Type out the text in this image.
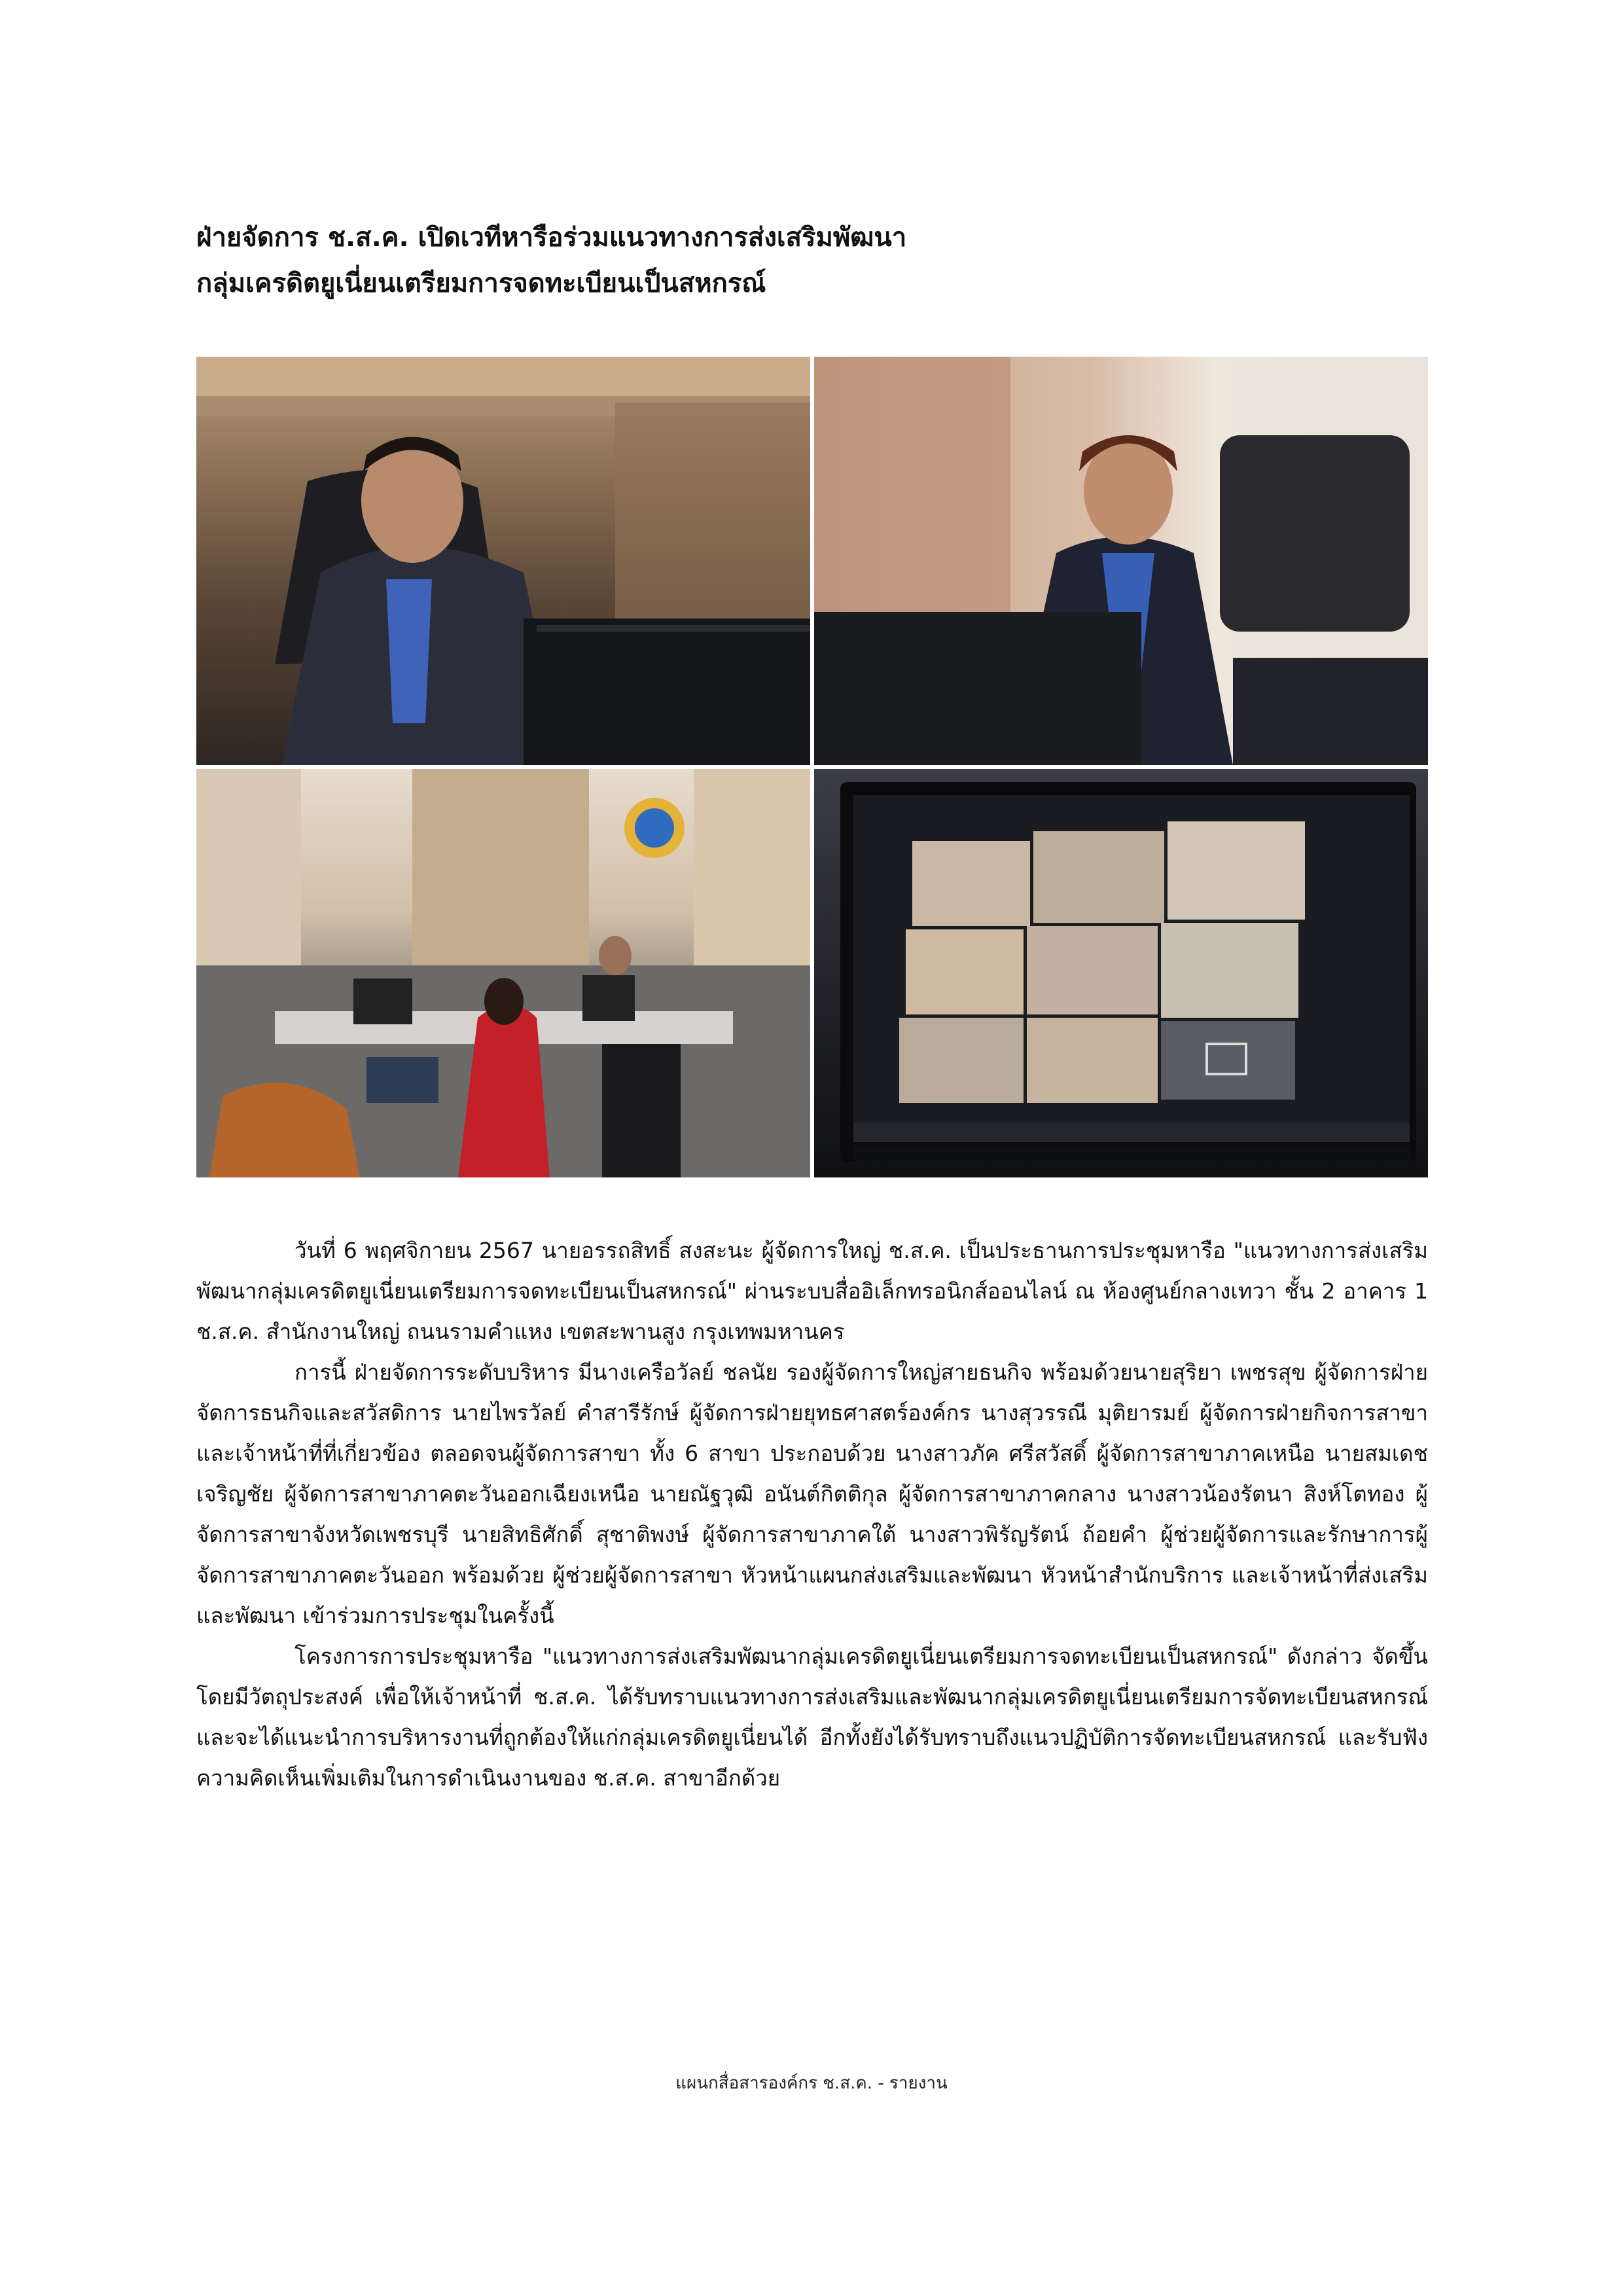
ฝ่ายจัดการ ช.ส.ค. เปิดเวทีหารือร่วมแนวทางการส่งเสริมพัฒนา
กลุ่มเครดิตยูเนี่ยนเตรียมการจดทะเบียนเป็นสหกรณ์

วันที่ 6 พฤศจิกายน 2567 นายอรรถสิทธิ์ สงสะนะ ผู้จัดการใหญ่ ช.ส.ค. เป็นประธานการประชุมหารือ "แนวทางการส่งเสริมพัฒนากลุ่มเครดิตยูเนี่ยนเตรียมการจดทะเบียนเป็นสหกรณ์" ผ่านระบบสื่ออิเล็กทรอนิกส์ออนไลน์ ณ ห้องศูนย์กลางเทวา ชั้น 2 อาคาร 1 ช.ส.ค. สำนักงานใหญ่ ถนนรามคำแหง เขตสะพานสูง กรุงเทพมหานคร

การนี้ ฝ่ายจัดการระดับบริหาร มีนางเครือวัลย์ ชลนัย รองผู้จัดการใหญ่สายธนกิจ พร้อมด้วยนายสุริยา เพชรสุข ผู้จัดการฝ่ายจัดการธนกิจและสวัสดิการ นายไพรวัลย์ คำสารีรักษ์ ผู้จัดการฝ่ายยุทธศาสตร์องค์กร นางสุวรรณี มุติยารมย์ ผู้จัดการฝ่ายกิจการสาขา และเจ้าหน้าที่ที่เกี่ยวข้อง ตลอดจนผู้จัดการสาขา ทั้ง 6 สาขา ประกอบด้วย นางสาวภัค ศรีสวัสดิ์ ผู้จัดการสาขาภาคเหนือ นายสมเดช เจริญชัย ผู้จัดการสาขาภาคตะวันออกเฉียงเหนือ นายณัฐวุฒิ อนันต์กิตติกุล ผู้จัดการสาขาภาคกลาง นางสาวน้องรัตนา สิงห์โตทอง ผู้จัดการสาขาจังหวัดเพชรบุรี นายสิทธิศักดิ์ สุชาติพงษ์ ผู้จัดการสาขาภาคใต้ นางสาวพิรัญรัตน์ ถ้อยคำ ผู้ช่วยผู้จัดการและรักษาการผู้จัดการสาขาภาคตะวันออก พร้อมด้วย ผู้ช่วยผู้จัดการสาขา หัวหน้าแผนกส่งเสริมและพัฒนา หัวหน้าสำนักบริการ และเจ้าหน้าที่ส่งเสริมและพัฒนา เข้าร่วมการประชุมในครั้งนี้

โครงการการประชุมหารือ "แนวทางการส่งเสริมพัฒนากลุ่มเครดิตยูเนี่ยนเตรียมการจดทะเบียนเป็นสหกรณ์" ดังกล่าว จัดขึ้นโดยมีวัตถุประสงค์ เพื่อให้เจ้าหน้าที่ ช.ส.ค. ได้รับทราบแนวทางการส่งเสริมและพัฒนากลุ่มเครดิตยูเนี่ยนเตรียมการจัดทะเบียนสหกรณ์ และจะได้แนะนำการบริหารงานที่ถูกต้องให้แก่กลุ่มเครดิตยูเนี่ยนได้ อีกทั้งยังได้รับทราบถึงแนวปฏิบัติการจัดทะเบียนสหกรณ์ และรับฟังความคิดเห็นเพิ่มเติมในการดำเนินงานของ ช.ส.ค. สาขาอีกด้วย

แผนกสื่อสารองค์กร ช.ส.ค. - รายงาน
